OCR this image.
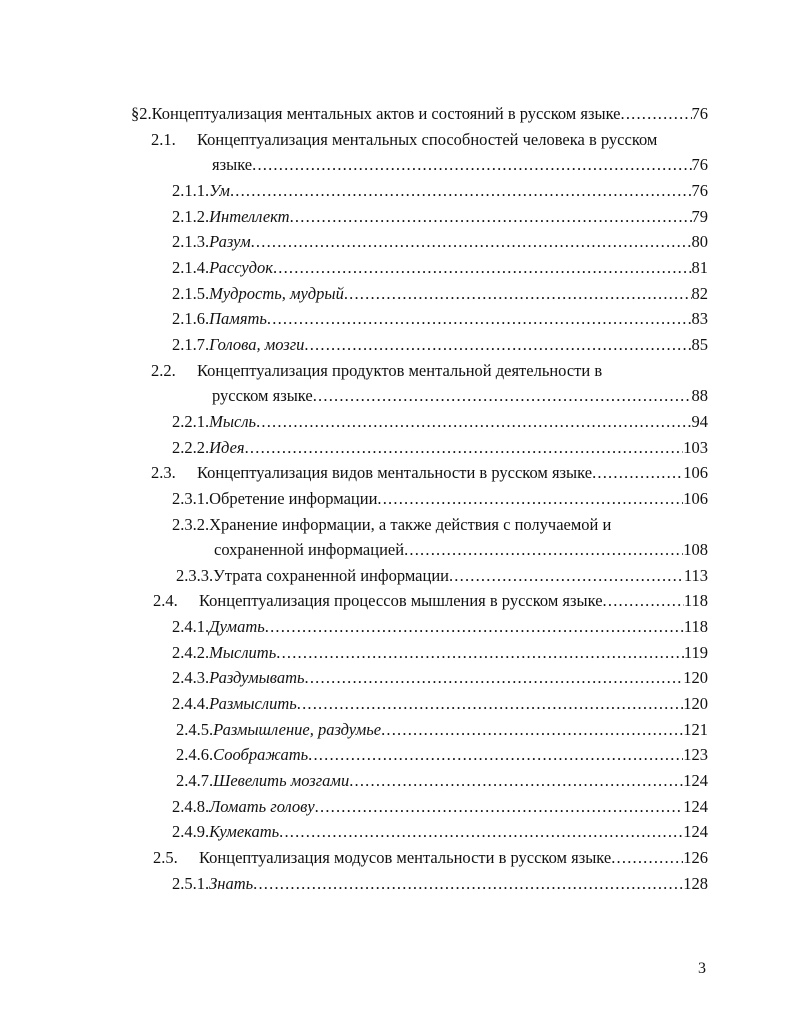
§2. Концептуализация ментальных актов и состояний в русском языке .....	76
2.1.	Концептуализация ментальных способностей человека в русском
языке .....	76
2.1.1. Ум .....	76
2.1.2. Интеллект .....	79
2.1.3. Разум .....	80
2.1.4. Рассудок .....	81
2.1.5. Мудрость, мудрый .....	82
2.1.6. Память .....	83
2.1.7. Голова, мозги .....	85
2.2.	Концептуализация продуктов ментальной деятельности в
русском языке .....	88
2.2.1. Мысль .....	94
2.2.2. Идея .....	103
2.3.	Концептуализация видов ментальности в русском языке .....	106
2.3.1. Обретение информации .....	106
2.3.2. Хранение информации, а также действия с получаемой и
сохраненной информацией .....	108
2.3.3. Утрата сохраненной информации .....	113
2.4.	Концептуализация процессов мышления в русском языке .....	118
2.4.1. Думать .....	118
2.4.2. Мыслить .....	119
2.4.3. Раздумывать .....	120
2.4.4. Размыслить .....	120
2.4.5. Размышление, раздумье .....	121
2.4.6. Соображать .....	123
2.4.7. Шевелить мозгами .....	124
2.4.8. Ломать голову .....	124
2.4.9. Кумекать .....	124
2.5.	Концептуализация модусов ментальности в русском языке .....	126
2.5.1. Знать .....	128
3
